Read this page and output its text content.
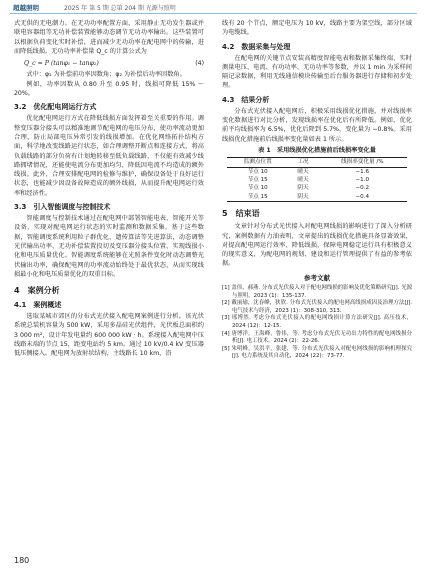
超越照明	2025 年 第 5 期 总第 204 期 光源与照明

式无供的无电潮力。在无功功率配置方面，采用静止无功发生器或并联电容器组等无功补偿装置能够动态调节无功功率输出。这些装置可以根据负荷变化实时补偿，进而减少无功功率在配电网中的传输，进而降低线损。无功功率补偿量 Q_c 的计算公式为

Q_c = P (tanφ₁ − tanφ₂)	(4)

式中：φ₁ 为补偿前功率因数角；φ₂ 为补偿后功率因数角。

例如，功率因数从 0.80 升至 0.95 时，线损可降低 15% ～ 20%。

3.2　优化配电网运行方式

优化配电网运行方式在降低线损方面发挥着至关重要的作用。调整变压器分接头可以精准地调节配电网的电压分布，使功率流动更加合理，防止局部电压异常引发的线损增加。在优化网络拓扑结构方面，科学地改变线路运行状态，如合理调整开断点和连接方式，将高负载线路的部分负荷有计划地转移至低负载线路，不仅能有效减少线路拥堵情况，还能使电流分布更加均匀，降低因电流不均造成的额外线损。此外，合理安排配电网的检修与维护，确保设备处于良好运行状态，也能减少因设备故障造成的额外线损，从而提升配电网运行效率和经济性。

3.3　引入智能调度与控制技术

智能调度与控制技术通过在配电网中部署智能电表、智能开关等设备，实现对配电网运行状态的实时监测和数据采集。基于这些数据，智能调度系统利用粒子群优化、遗传算法等先进算法，动态调整光伏输出功率、无功补偿装置投切及变压器分接头位置，实现线损小化和电压质量优化。智能调度系统能够在光照条件变化时动态调整光伏输出功率，确保配电网的功率流动始终处于最优状态，从而实现线损最小化和电压质量优化的双重目标。

4　案例分析
4.1　案例概述

选取某城市郊区的分布式光伏接入配电网案例进行分析。该光伏系统总装机容量为 500 kW，采用多晶硅光伏组件，光伏板总面积约 3 000 m²，设计年发电量约 600 000 kW · h。系统接入配电网中压线路末端的节点 15，距变电站约 5 km。通过 10 kV/0.4 kV 变压器低压侧接入。配电网为放射状结构，主线路长 10 km，沿

线有 20 个节点，额定电压为 10 kV，线路主要为架空线，部分区域为电缆线。

4.2　数据采集与处理

在配电网的关键节点安装高精度智能电表和数据采集终端，实时测量电压、电流、有功功率、无功功率等参数，并以 1 min 为采样间隔记录数据，利用无线通信模块传输至后台服务器进行存储和初步处理。

4.3　结果分析

分布式光伏接入配电网后，积极采用线损优化措施，并对线损率变化数据进行对比分析，发现线损率在优化后有所降低。例如，优化前平均线损率为 6.5%，优化后降到 5.7%，变化量为 −0.8%。采用线损优化措施前后线损率变化量如表 1 所示。

表 1　采用线损优化措施前后线损率变化量
监测点位置	工况	线损率变化量 /%
节点 10	晴天	−1.6
节点 15	晴天	−1.0
节点 10	阴天	−0.2
节点 15	阴天	−0.4
5　结束语

文章针对分布式光伏接入对配电网线损的影响进行了深入分析研究，案例数据有力油表明，文章提出的线损优化措施具备显著效果，对提高配电网运行效率、降低线损、保障电网稳定运行具有积极意义的现实意义，为配电网的规划、建设和运行管理提供了有益的参考依据。

参考文献
[1] 盖伟，郝燕. 分布式光伏接入对于配电网线损的影响及优化策略研究[J]. 光源与照明，2023 (1)：135-137.
[2] 戴丽瑜，沈春峰，狄欣. 分布式光伏接入的配电网高线损成因及治理方法[J]. 电气技术与经济，2023 (1)：308-310, 313.
[3] 邢博然. 考虑分布式光伏接入的配电网线损计算方法研究[J]. 高压技术，2024 (12)：12-15.
[4] 唐博洋，王海峰，鲁伟，等. 考虑分布式光伏无功出力特性的配电网线损分析[J]. 电工技术，2024 (2)：22-26.
[5] 朱明峰，吴洪平，张建，等. 分布式光伏接入对配电网线损的影响机理探究[J]. 电力系统及其自动化，2024 (22)：73-77.
180
